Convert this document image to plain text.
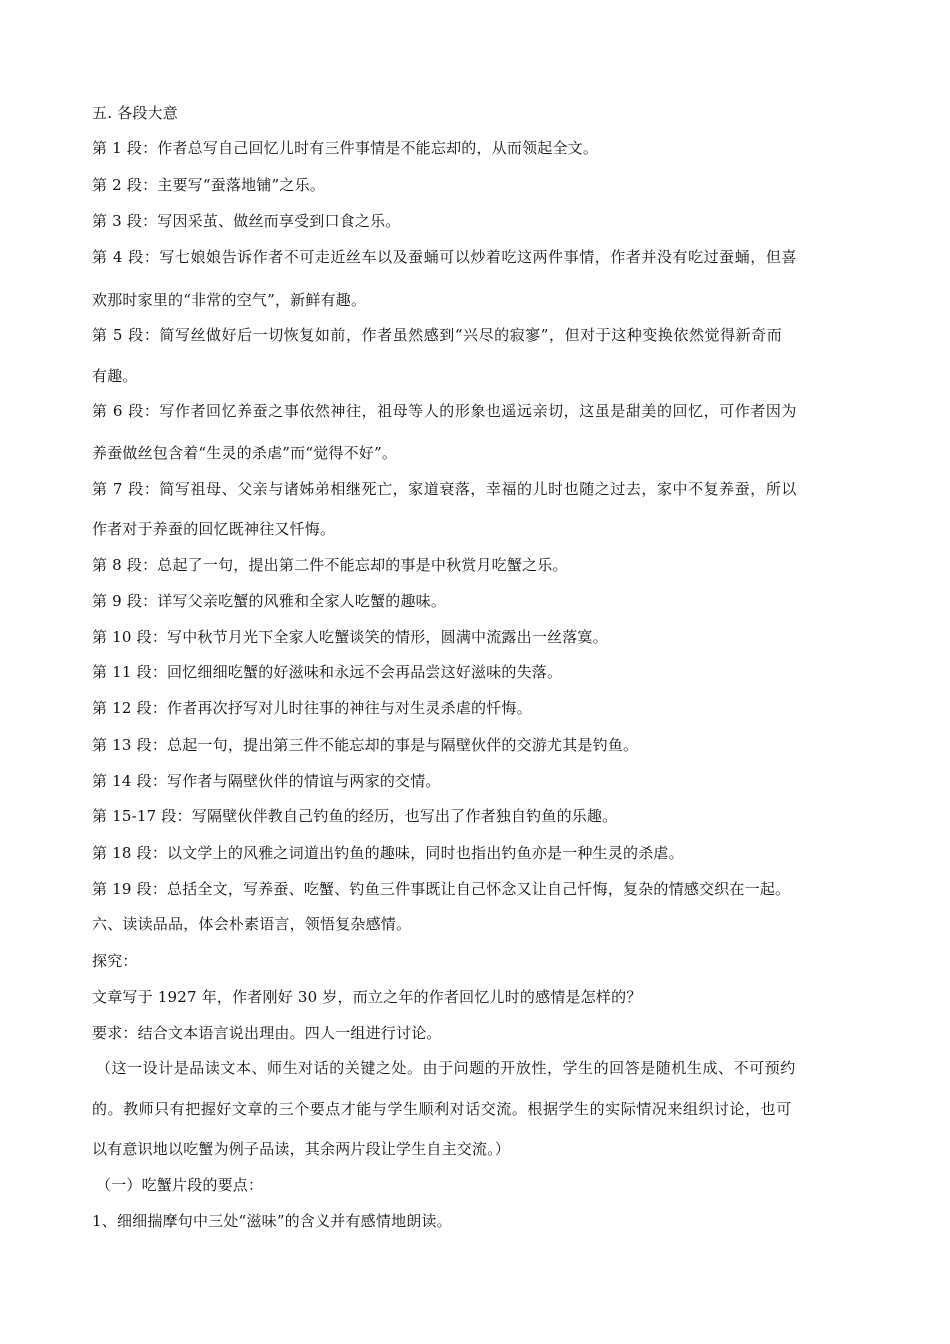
五. 各段大意
第 1 段：作者总写自己回忆儿时有三件事情是不能忘却的，从而领起全文。
第 2 段：主要写“蚕落地铺”之乐。
第 3 段：写因采茧、做丝而享受到口食之乐。
第 4 段：写七娘娘告诉作者不可走近丝车以及蚕蛹可以炒着吃这两件事情，作者并没有吃过蚕蛹，但喜
欢那时家里的“非常的空气”，新鲜有趣。
第 5 段：简写丝做好后一切恢复如前，作者虽然感到“兴尽的寂寥”，但对于这种变换依然觉得新奇而
有趣。
第 6 段：写作者回忆养蚕之事依然神往，祖母等人的形象也遥远亲切，这虽是甜美的回忆，可作者因为
养蚕做丝包含着“生灵的杀虐”而“觉得不好”。
第 7 段：简写祖母、父亲与诸姊弟相继死亡，家道衰落，幸福的儿时也随之过去，家中不复养蚕，所以
作者对于养蚕的回忆既神往又忏悔。
第 8 段：总起了一句，提出第二件不能忘却的事是中秋赏月吃蟹之乐。
第 9 段：详写父亲吃蟹的风雅和全家人吃蟹的趣味。
第 10 段：写中秋节月光下全家人吃蟹谈笑的情形，圆满中流露出一丝落寞。
第 11 段：回忆细细吃蟹的好滋味和永远不会再品尝这好滋味的失落。
第 12 段：作者再次抒写对儿时往事的神往与对生灵杀虐的忏悔。
第 13 段：总起一句，提出第三件不能忘却的事是与隔壁伙伴的交游尤其是钓鱼。
第 14 段：写作者与隔壁伙伴的情谊与两家的交情。
第 15-17 段：写隔壁伙伴教自己钓鱼的经历，也写出了作者独自钓鱼的乐趣。
第 18 段：以文学上的风雅之词道出钓鱼的趣味，同时也指出钓鱼亦是一种生灵的杀虐。
第 19 段：总括全文，写养蚕、吃蟹、钓鱼三件事既让自己怀念又让自己忏悔，复杂的情感交织在一起。
六、读读品品，体会朴素语言，领悟复杂感情。
探究：
文章写于 1927 年，作者刚好 30 岁，而立之年的作者回忆儿时的感情是怎样的？
要求：结合文本语言说出理由。四人一组进行讨论。
（这一设计是品读文本、师生对话的关键之处。由于问题的开放性，学生的回答是随机生成、不可预约
的。教师只有把握好文章的三个要点才能与学生顺利对话交流。根据学生的实际情况来组织讨论，也可
以有意识地以吃蟹为例子品读，其余两片段让学生自主交流。）
（一）吃蟹片段的要点：
1、细细揣摩句中三处“滋味”的含义并有感情地朗读。
